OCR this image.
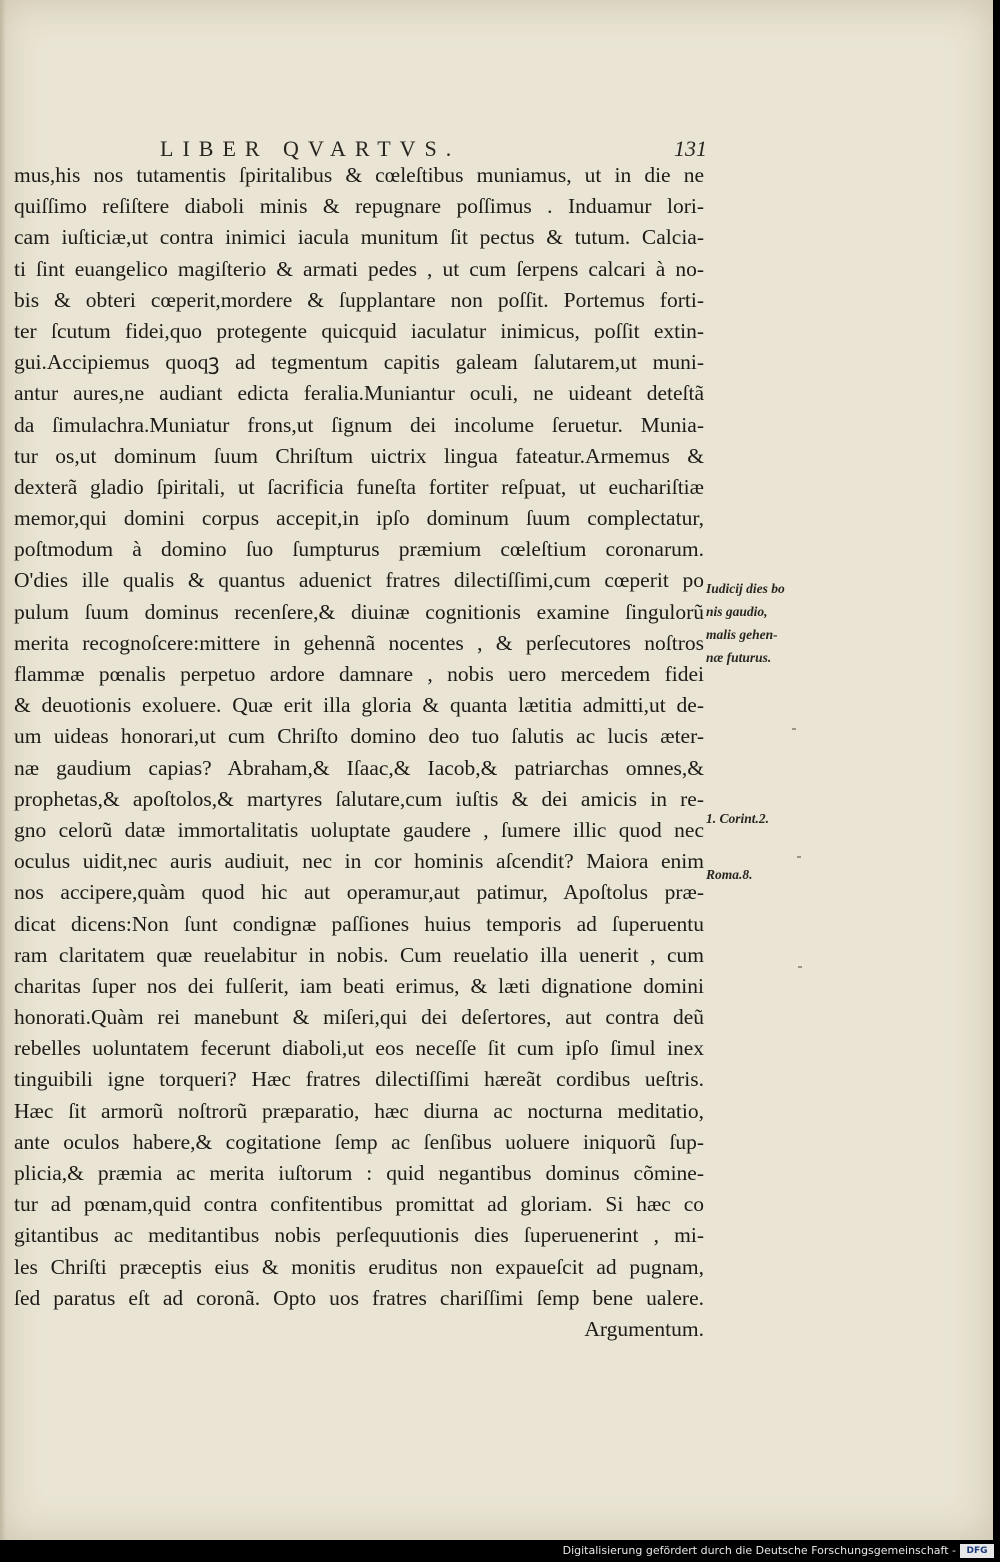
LIBER QVARTVS.	131
mus,his nos tutamentis ſpiritalibus & cœleſtibus muniamus, ut in die ne
quiſſimo reſiſtere diaboli minis & repugnare poſſimus . Induamur lori-
cam iuſticiæ,ut contra inimici iacula munitum ſit pectus & tutum. Calcia-
ti ſint euangelico magiſterio & armati pedes , ut cum ſerpens calcari à no-
bis & obteri cœperit,mordere & ſupplantare non poſſit. Portemus forti-
ter ſcutum fidei,quo protegente quicquid iaculatur inimicus, poſſit extin-
gui.Accipiemus quoqꝫ ad tegmentum capitis galeam ſalutarem,ut muni-
antur aures,ne audiant edicta feralia.Muniantur oculi, ne uideant deteſtã
da ſimulachra.Muniatur frons,ut ſignum dei incolume ſeruetur. Munia-
tur os,ut dominum ſuum Chriſtum uictrix lingua fateatur.Armemus &
dexterã gladio ſpiritali, ut ſacrificia funeſta fortiter reſpuat, ut euchariſtiæ
memor,qui domini corpus accepit,in ipſo dominum ſuum complectatur,
poſtmodum à domino ſuo ſumpturus præmium cœleſtium coronarum.
O'dies ille qualis & quantus aduenict fratres dilectiſſimi,cum cœperit po
pulum ſuum dominus recenſere,& diuinæ cognitionis examine ſingulorũ
merita recognoſcere:mittere in gehennã nocentes , & perſecutores noſtros
flammæ pœnalis perpetuo ardore damnare , nobis uero mercedem fidei
& deuotionis exoluere. Quæ erit illa gloria & quanta lætitia admitti,ut de-
um uideas honorari,ut cum Chriſto domino deo tuo ſalutis ac lucis æter-
næ gaudium capias? Abraham,& Iſaac,& Iacob,& patriarchas omnes,&
prophetas,& apoſtolos,& martyres ſalutare,cum iuſtis & dei amicis in re-
gno celorũ datæ immortalitatis uoluptate gaudere , ſumere illic quod nec
oculus uidit,nec auris audiuit, nec in cor hominis aſcendit? Maiora enim
nos accipere,quàm quod hic aut operamur,aut patimur, Apoſtolus præ-
dicat dicens:Non ſunt condignæ paſſiones huius temporis ad ſuperuentu
ram claritatem quæ reuelabitur in nobis. Cum reuelatio illa uenerit , cum
charitas ſuper nos dei fulſerit, iam beati erimus, & læti dignatione domini
honorati.Quàm rei manebunt & miſeri,qui dei deſertores, aut contra deũ
rebelles uoluntatem fecerunt diaboli,ut eos neceſſe ſit cum ipſo ſimul inex
tinguibili igne torqueri? Hæc fratres dilectiſſimi hæreãt cordibus ueſtris.
Hæc ſit armorũ noſtrorũ præparatio, hæc diurna ac nocturna meditatio,
ante oculos habere,& cogitatione ſemp ac ſenſibus uoluere iniquorũ ſup-
plicia,& præmia ac merita iuſtorum : quid negantibus dominus cõmine-
tur ad pœnam,quid contra confitentibus promittat ad gloriam. Si hæc co
gitantibus ac meditantibus nobis perſequutionis dies ſuperuenerint , mi-
les Chriſti præceptis eius & monitis eruditus non expaueſcit ad pugnam,
ſed paratus eſt ad coronã. Opto uos fratres chariſſimi ſemp bene ualere.
Argumentum.
Iudicij dies bo
nis gaudio,
malis gehen-
næ futurus.
1. Corint.2.
Roma.8.
Digitalisierung gefördert durch die Deutsche Forschungsgemeinschaft -	DFG
